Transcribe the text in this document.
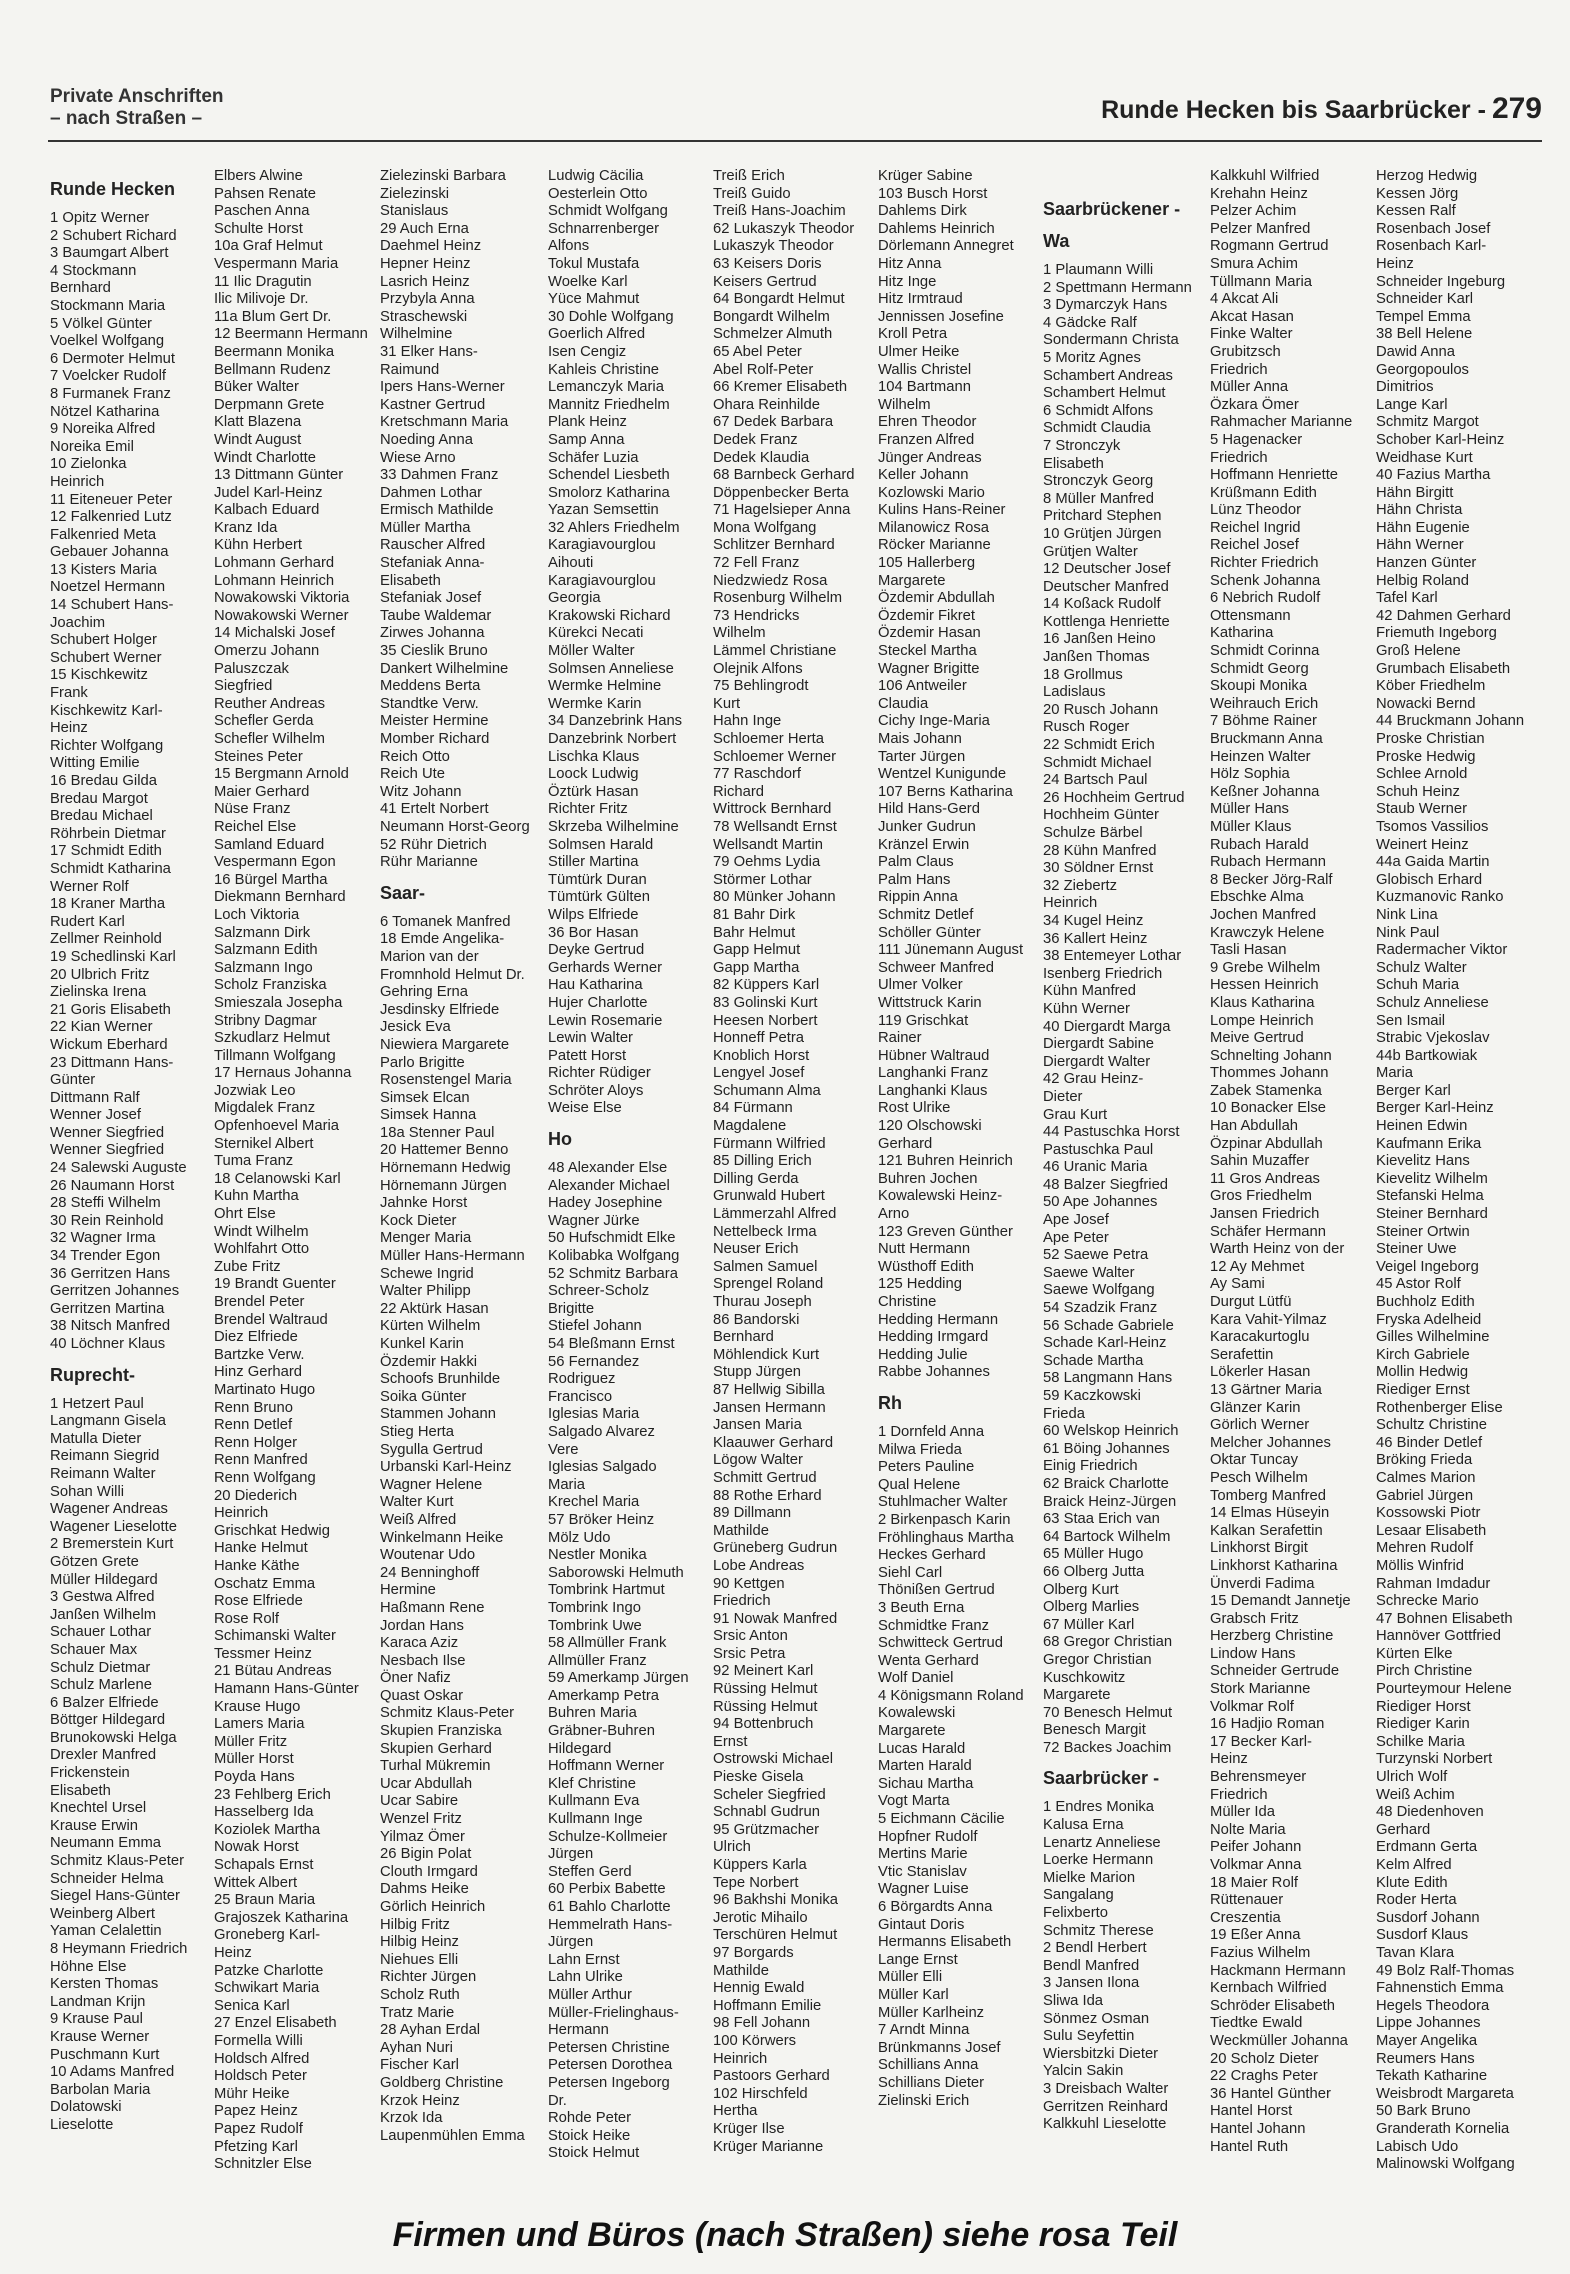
Private Anschriften
– nach Straßen –	Runde Hecken bis Saarbrücker - 279
Runde Hecken
1 Opitz Werner
2 Schubert Richard
3 Baumgart Albert
4 Stockmann
Bernhard
Stockmann Maria
5 Völkel Günter
Voelkel Wolfgang
6 Dermoter Helmut
7 Voelcker Rudolf
8 Furmanek Franz
Nötzel Katharina
9 Noreika Alfred
Noreika Emil
10 Zielonka
Heinrich
11 Eiteneuer Peter
12 Falkenried Lutz
Falkenried Meta
Gebauer Johanna
13 Kisters Maria
Noetzel Hermann
14 Schubert Hans-
Joachim
Schubert Holger
Schubert Werner
15 Kischkewitz
Frank
Kischkewitz Karl-
Heinz
Richter Wolfgang
Witting Emilie
16 Bredau Gilda
Bredau Margot
Bredau Michael
Röhrbein Dietmar
17 Schmidt Edith
Schmidt Katharina
Werner Rolf
18 Kraner Martha
Rudert Karl
Zellmer Reinhold
19 Schedlinski Karl
20 Ulbrich Fritz
Zielinska Irena
21 Goris Elisabeth
22 Kian Werner
Wickum Eberhard
23 Dittmann Hans-
Günter
Dittmann Ralf
Wenner Josef
Wenner Siegfried
Wenner Siegfried
24 Salewski Auguste
26 Naumann Horst
28 Steffi Wilhelm
30 Rein Reinhold
32 Wagner Irma
34 Trender Egon
36 Gerritzen Hans
Gerritzen Johannes
Gerritzen Martina
38 Nitsch Manfred
40 Löchner Klaus
Ruprecht-
1 Hetzert Paul
Langmann Gisela
Matulla Dieter
Reimann Siegrid
Reimann Walter
Sohan Willi
Wagener Andreas
Wagener Lieselotte
2 Bremerstein Kurt
Götzen Grete
Müller Hildegard
3 Gestwa Alfred
Janßen Wilhelm
Schauer Lothar
Schauer Max
Schulz Dietmar
Schulz Marlene
6 Balzer Elfriede
Böttger Hildegard
Brunokowski Helga
Drexler Manfred
Frickenstein
Elisabeth
Knechtel Ursel
Krause Erwin
Neumann Emma
Schmitz Klaus-Peter
Schneider Helma
Siegel Hans-Günter
Weinberg Albert
Yaman Celalettin
8 Heymann Friedrich
Höhne Else
Kersten Thomas
Landman Krijn
9 Krause Paul
Krause Werner
Puschmann Kurt
10 Adams Manfred
Barbolan Maria
Dolatowski
Lieselotte
Elbers Alwine
Pahsen Renate
Paschen Anna
Schulte Horst
10a Graf Helmut
Vespermann Maria
11 Ilic Dragutin
Ilic Milivoje Dr.
11a Blum Gert Dr.
12 Beermann Hermann
Beermann Monika
Bellmann Rudenz
Büker Walter
Derpmann Grete
Klatt Blazena
Windt August
Windt Charlotte
13 Dittmann Günter
Judel Karl-Heinz
Kalbach Eduard
Kranz Ida
Kühn Herbert
Lohmann Gerhard
Lohmann Heinrich
Nowakowski Viktoria
Nowakowski Werner
14 Michalski Josef
Omerzu Johann
Paluszczak
Siegfried
Reuther Andreas
Schefler Gerda
Schefler Wilhelm
Steines Peter
15 Bergmann Arnold
Maier Gerhard
Nüse Franz
Reichel Else
Samland Eduard
Vespermann Egon
16 Bürgel Martha
Diekmann Bernhard
Loch Viktoria
Salzmann Dirk
Salzmann Edith
Salzmann Ingo
Scholz Franziska
Smieszala Josepha
Stribny Dagmar
Szkudlarz Helmut
Tillmann Wolfgang
17 Hernaus Johanna
Jozwiak Leo
Migdalek Franz
Opfenhoevel Maria
Sternikel Albert
Tuma Franz
18 Celanowski Karl
Kuhn Martha
Ohrt Else
Windt Wilhelm
Wohlfahrt Otto
Zube Fritz
19 Brandt Guenter
Brendel Peter
Brendel Waltraud
Diez Elfriede
Bartzke Verw.
Hinz Gerhard
Martinato Hugo
Renn Bruno
Renn Detlef
Renn Holger
Renn Manfred
Renn Wolfgang
20 Diederich
Heinrich
Grischkat Hedwig
Hanke Helmut
Hanke Käthe
Oschatz Emma
Rose Elfriede
Rose Rolf
Schimanski Walter
Tessmer Heinz
21 Bütau Andreas
Hamann Hans-Günter
Krause Hugo
Lamers Maria
Müller Fritz
Müller Horst
Poyda Hans
23 Fehlberg Erich
Hasselberg Ida
Koziolek Martha
Nowak Horst
Schapals Ernst
Wittek Albert
25 Braun Maria
Grajoszek Katharina
Groneberg Karl-
Heinz
Patzke Charlotte
Schwikart Maria
Senica Karl
27 Enzel Elisabeth
Formella Willi
Holdsch Alfred
Holdsch Peter
Mühr Heike
Papez Heinz
Papez Rudolf
Pfetzing Karl
Schnitzler Else
Zielezinski Barbara
Zielezinski
Stanislaus
29 Auch Erna
Daehmel Heinz
Hepner Heinz
Lasrich Heinz
Przybyla Anna
Straschewski
Wilhelmine
31 Elker Hans-
Raimund
Ipers Hans-Werner
Kastner Gertrud
Kretschmann Maria
Noeding Anna
Wiese Arno
33 Dahmen Franz
Dahmen Lothar
Ermisch Mathilde
Müller Martha
Rauscher Alfred
Stefaniak Anna-
Elisabeth
Stefaniak Josef
Taube Waldemar
Zirwes Johanna
35 Cieslik Bruno
Dankert Wilhelmine
Meddens Berta
Standtke Verw.
Meister Hermine
Momber Richard
Reich Otto
Reich Ute
Witz Johann
41 Ertelt Norbert
Neumann Horst-Georg
52 Rühr Dietrich
Rühr Marianne
Saar-
6 Tomanek Manfred
18 Emde Angelika-
Marion van der
Fromnhold Helmut Dr.
Gehring Erna
Jesdinsky Elfriede
Jesick Eva
Niewiera Margarete
Parlo Brigitte
Rosenstengel Maria
Simsek Elcan
Simsek Hanna
18a Stenner Paul
20 Hattemer Benno
Hörnemann Hedwig
Hörnemann Jürgen
Jahnke Horst
Kock Dieter
Menger Maria
Müller Hans-Hermann
Schewe Ingrid
Walter Philipp
22 Aktürk Hasan
Kürten Wilhelm
Kunkel Karin
Özdemir Hakki
Schoofs Brunhilde
Soika Günter
Stammen Johann
Stieg Herta
Sygulla Gertrud
Urbanski Karl-Heinz
Wagner Helene
Walter Kurt
Weiß Alfred
Winkelmann Heike
Woutenar Udo
24 Benninghoff
Hermine
Haßmann Rene
Jordan Hans
Karaca Aziz
Nesbach Ilse
Öner Nafiz
Quast Oskar
Schmitz Klaus-Peter
Skupien Franziska
Skupien Gerhard
Turhal Mükremin
Ucar Abdullah
Ucar Sabire
Wenzel Fritz
Yilmaz Ömer
26 Bigin Polat
Clouth Irmgard
Dahms Heike
Görlich Heinrich
Hilbig Fritz
Hilbig Heinz
Niehues Elli
Richter Jürgen
Scholz Ruth
Tratz Marie
28 Ayhan Erdal
Ayhan Nuri
Fischer Karl
Goldberg Christine
Krzok Heinz
Krzok Ida
Laupenmühlen Emma
Ludwig Cäcilia
Oesterlein Otto
Schmidt Wolfgang
Schnarrenberger
Alfons
Tokul Mustafa
Woelke Karl
Yüce Mahmut
30 Dohle Wolfgang
Goerlich Alfred
Isen Cengiz
Kahleis Christine
Lemanczyk Maria
Mannitz Friedhelm
Plank Heinz
Samp Anna
Schäfer Luzia
Schendel Liesbeth
Smolorz Katharina
Yazan Semsettin
32 Ahlers Friedhelm
Karagiavourglou
Aihouti
Karagiavourglou
Georgia
Krakowski Richard
Kürekci Necati
Möller Walter
Solmsen Anneliese
Wermke Helmine
Wermke Karin
34 Danzebrink Hans
Danzebrink Norbert
Lischka Klaus
Loock Ludwig
Öztürk Hasan
Richter Fritz
Skrzeba Wilhelmine
Solmsen Harald
Stiller Martina
Tümtürk Duran
Tümtürk Gülten
Wilps Elfriede
36 Bor Hasan
Deyke Gertrud
Gerhards Werner
Hau Katharina
Hujer Charlotte
Lewin Rosemarie
Lewin Walter
Patett Horst
Richter Rüdiger
Schröter Aloys
Weise Else
Ho
48 Alexander Else
Alexander Michael
Hadey Josephine
Wagner Jürke
50 Hufschmidt Elke
Kolibabka Wolfgang
52 Schmitz Barbara
Schreer-Scholz
Brigitte
Stiefel Johann
54 Bleßmann Ernst
56 Fernandez
Rodriguez
Francisco
Iglesias Maria
Salgado Alvarez
Vere
Iglesias Salgado
Maria
Krechel Maria
57 Bröker Heinz
Mölz Udo
Nestler Monika
Saborowski Helmuth
Tombrink Hartmut
Tombrink Ingo
Tombrink Uwe
58 Allmüller Frank
Allmüller Franz
59 Amerkamp Jürgen
Amerkamp Petra
Buhren Maria
Gräbner-Buhren
Hildegard
Hoffmann Werner
Klef Christine
Kullmann Eva
Kullmann Inge
Schulze-Kollmeier
Jürgen
Steffen Gerd
60 Perbix Babette
61 Bahlo Charlotte
Hemmelrath Hans-
Jürgen
Lahn Ernst
Lahn Ulrike
Müller Arthur
Müller-Frielinghaus-
Hermann
Petersen Christine
Petersen Dorothea
Petersen Ingeborg
Dr.
Rohde Peter
Stoick Heike
Stoick Helmut
Treiß Erich
Treiß Guido
Treiß Hans-Joachim
62 Lukaszyk Theodor
Lukaszyk Theodor
63 Keisers Doris
Keisers Gertrud
64 Bongardt Helmut
Bongardt Wilhelm
Schmelzer Almuth
65 Abel Peter
Abel Rolf-Peter
66 Kremer Elisabeth
Ohara Reinhilde
67 Dedek Barbara
Dedek Franz
Dedek Klaudia
68 Barnbeck Gerhard
Döppenbecker Berta
71 Hagelsieper Anna
Mona Wolfgang
Schlitzer Bernhard
72 Fell Franz
Niedzwiedz Rosa
Rosenburg Wilhelm
73 Hendricks
Wilhelm
Lämmel Christiane
Olejnik Alfons
75 Behlingrodt
Kurt
Hahn Inge
Schloemer Herta
Schloemer Werner
77 Raschdorf
Richard
Wittrock Bernhard
78 Wellsandt Ernst
Wellsandt Martin
79 Oehms Lydia
Störmer Lothar
80 Münker Johann
81 Bahr Dirk
Bahr Helmut
Gapp Helmut
Gapp Martha
82 Küppers Karl
83 Golinski Kurt
Heesen Norbert
Honneff Petra
Knoblich Horst
Lengyel Josef
Schumann Alma
84 Fürmann
Magdalene
Fürmann Wilfried
85 Dilling Erich
Dilling Gerda
Grunwald Hubert
Lämmerzahl Alfred
Nettelbeck Irma
Neuser Erich
Salmen Samuel
Sprengel Roland
Thurau Joseph
86 Bandorski
Bernhard
Möhlendick Kurt
Stupp Jürgen
87 Hellwig Sibilla
Jansen Hermann
Jansen Maria
Klaauwer Gerhard
Lögow Walter
Schmitt Gertrud
88 Rothe Erhard
89 Dillmann
Mathilde
Grüneberg Gudrun
Lobe Andreas
90 Kettgen
Friedrich
91 Nowak Manfred
Srsic Anton
Srsic Petra
92 Meinert Karl
Rüssing Helmut
Rüssing Helmut
94 Bottenbruch
Ernst
Ostrowski Michael
Pieske Gisela
Scheler Siegfried
Schnabl Gudrun
95 Grützmacher
Ulrich
Küppers Karla
Tepe Norbert
96 Bakhshi Monika
Jerotic Mihailo
Terschüren Helmut
97 Borgards
Mathilde
Hennig Ewald
Hoffmann Emilie
98 Fell Johann
100 Körwers
Heinrich
Pastoors Gerhard
102 Hirschfeld
Hertha
Krüger Ilse
Krüger Marianne
Krüger Sabine
103 Busch Horst
Dahlems Dirk
Dahlems Heinrich
Dörlemann Annegret
Hitz Anna
Hitz Inge
Hitz Irmtraud
Jennissen Josefine
Kroll Petra
Ulmer Heike
Wallis Christel
104 Bartmann
Wilhelm
Ehren Theodor
Franzen Alfred
Jünger Andreas
Keller Johann
Kozlowski Mario
Kulins Hans-Reiner
Milanowicz Rosa
Röcker Marianne
105 Hallerberg
Margarete
Özdemir Abdullah
Özdemir Fikret
Özdemir Hasan
Steckel Martha
Wagner Brigitte
106 Antweiler
Claudia
Cichy Inge-Maria
Mais Johann
Tarter Jürgen
Wentzel Kunigunde
107 Berns Katharina
Hild Hans-Gerd
Junker Gudrun
Kränzel Erwin
Palm Claus
Palm Hans
Rippin Anna
Schmitz Detlef
Schöller Günter
111 Jünemann August
Schweer Manfred
Ulmer Volker
Wittstruck Karin
119 Grischkat
Rainer
Hübner Waltraud
Langhanki Franz
Langhanki Klaus
Rost Ulrike
120 Olschowski
Gerhard
121 Buhren Heinrich
Buhren Jochen
Kowalewski Heinz-
Arno
123 Greven Günther
Nutt Hermann
Wüsthoff Edith
125 Hedding
Christine
Hedding Hermann
Hedding Irmgard
Hedding Julie
Rabbe Johannes
Rh
1 Dornfeld Anna
Milwa Frieda
Peters Pauline
Qual Helene
Stuhlmacher Walter
2 Birkenpasch Karin
Fröhlinghaus Martha
Heckes Gerhard
Siehl Carl
Thönißen Gertrud
3 Beuth Erna
Schmidtke Franz
Schwitteck Gertrud
Wenta Gerhard
Wolf Daniel
4 Königsmann Roland
Kowalewski
Margarete
Lucas Harald
Marten Harald
Sichau Martha
Vogt Marta
5 Eichmann Cäcilie
Hopfner Rudolf
Mertins Marie
Vtic Stanislav
Wagner Luise
6 Börgardts Anna
Gintaut Doris
Hermanns Elisabeth
Lange Ernst
Müller Elli
Müller Karl
Müller Karlheinz
7 Arndt Minna
Brünkmanns Josef
Schillians Anna
Schillians Dieter
Zielinski Erich
Saarbrückener -
Wa
1 Plaumann Willi
2 Spettmann Hermann
3 Dymarczyk Hans
4 Gädcke Ralf
Sondermann Christa
5 Moritz Agnes
Schambert Andreas
Schambert Helmut
6 Schmidt Alfons
Schmidt Claudia
7 Stronczyk
Elisabeth
Stronczyk Georg
8 Müller Manfred
Pritchard Stephen
10 Grütjen Jürgen
Grütjen Walter
12 Deutscher Josef
Deutscher Manfred
14 Koßack Rudolf
Kottlenga Henriette
16 Janßen Heino
Janßen Thomas
18 Grollmus
Ladislaus
20 Rusch Johann
Rusch Roger
22 Schmidt Erich
Schmidt Michael
24 Bartsch Paul
26 Hochheim Gertrud
Hochheim Günter
Schulze Bärbel
28 Kühn Manfred
30 Söldner Ernst
32 Ziebertz
Heinrich
34 Kugel Heinz
36 Kallert Heinz
38 Entemeyer Lothar
Isenberg Friedrich
Kühn Manfred
Kühn Werner
40 Diergardt Marga
Diergardt Sabine
Diergardt Walter
42 Grau Heinz-
Dieter
Grau Kurt
44 Pastuschka Horst
Pastuschka Paul
46 Uranic Maria
48 Balzer Siegfried
50 Ape Johannes
Ape Josef
Ape Peter
52 Saewe Petra
Saewe Walter
Saewe Wolfgang
54 Szadzik Franz
56 Schade Gabriele
Schade Karl-Heinz
Schade Martha
58 Langmann Hans
59 Kaczkowski
Frieda
60 Welskop Heinrich
61 Böing Johannes
Einig Friedrich
62 Braick Charlotte
Braick Heinz-Jürgen
63 Staa Erich van
64 Bartock Wilhelm
65 Müller Hugo
66 Olberg Jutta
Olberg Kurt
Olberg Marlies
67 Müller Karl
68 Gregor Christian
Gregor Christian
Kuschkowitz
Margarete
70 Benesch Helmut
Benesch Margit
72 Backes Joachim
Saarbrücker -
1 Endres Monika
Kalusa Erna
Lenartz Anneliese
Loerke Hermann
Mielke Marion
Sangalang
Felixberto
Schmitz Therese
2 Bendl Herbert
Bendl Manfred
3 Jansen Ilona
Sliwa Ida
Sönmez Osman
Sulu Seyfettin
Wiersbitzki Dieter
Yalcin Sakin
3 Dreisbach Walter
Gerritzen Reinhard
Kalkkuhl Lieselotte
Kalkkuhl Wilfried
Krehahn Heinz
Pelzer Achim
Pelzer Manfred
Rogmann Gertrud
Smura Achim
Tüllmann Maria
4 Akcat Ali
Akcat Hasan
Finke Walter
Grubitzsch
Friedrich
Müller Anna
Özkara Ömer
Rahmacher Marianne
5 Hagenacker
Friedrich
Hoffmann Henriette
Krüßmann Edith
Lünz Theodor
Reichel Ingrid
Reichel Josef
Richter Friedrich
Schenk Johanna
6 Nebrich Rudolf
Ottensmann
Katharina
Schmidt Corinna
Schmidt Georg
Skoupi Monika
Weihrauch Erich
7 Böhme Rainer
Bruckmann Anna
Heinzen Walter
Hölz Sophia
Keßner Johanna
Müller Hans
Müller Klaus
Rubach Harald
Rubach Hermann
8 Becker Jörg-Ralf
Ebschke Alma
Jochen Manfred
Krawczyk Helene
Tasli Hasan
9 Grebe Wilhelm
Hessen Heinrich
Klaus Katharina
Lompe Heinrich
Meive Gertrud
Schnelting Johann
Thommes Johann
Zabek Stamenka
10 Bonacker Else
Han Abdullah
Özpinar Abdullah
Sahin Muzaffer
11 Gros Andreas
Gros Friedhelm
Jansen Friedrich
Schäfer Hermann
Warth Heinz von der
12 Ay Mehmet
Ay Sami
Durgut Lütfü
Kara Vahit-Yilmaz
Karacakurtoglu
Serafettin
Lökerler Hasan
13 Gärtner Maria
Glänzer Karin
Görlich Werner
Melcher Johannes
Oktar Tuncay
Pesch Wilhelm
Tomberg Manfred
14 Elmas Hüseyin
Kalkan Serafettin
Linkhorst Birgit
Linkhorst Katharina
Ünverdi Fadima
15 Demandt Jannetje
Grabsch Fritz
Herzberg Christine
Lindow Hans
Schneider Gertrude
Stork Marianne
Volkmar Rolf
16 Hadjio Roman
17 Becker Karl-
Heinz
Behrensmeyer
Friedrich
Müller Ida
Nolte Maria
Peifer Johann
Volkmar Anna
18 Maier Rolf
Rüttenauer
Creszentia
19 Eßer Anna
Fazius Wilhelm
Hackmann Hermann
Kernbach Wilfried
Schröder Elisabeth
Tiedtke Ewald
Weckmüller Johanna
20 Scholz Dieter
22 Craghs Peter
36 Hantel Günther
Hantel Horst
Hantel Johann
Hantel Ruth
Herzog Hedwig
Kessen Jörg
Kessen Ralf
Rosenbach Josef
Rosenbach Karl-
Heinz
Schneider Ingeburg
Schneider Karl
Tempel Emma
38 Bell Helene
Dawid Anna
Georgopoulos
Dimitrios
Lange Karl
Schmitz Margot
Schober Karl-Heinz
Weidhase Kurt
40 Fazius Martha
Hähn Birgitt
Hähn Christa
Hähn Eugenie
Hähn Werner
Hanzen Günter
Helbig Roland
Tafel Karl
42 Dahmen Gerhard
Friemuth Ingeborg
Groß Helene
Grumbach Elisabeth
Köber Friedhelm
Nowacki Bernd
44 Bruckmann Johann
Proske Christian
Proske Hedwig
Schlee Arnold
Schuh Heinz
Staub Werner
Tsomos Vassilios
Weinert Heinz
44a Gaida Martin
Globisch Erhard
Kuzmanovic Ranko
Nink Lina
Nink Paul
Radermacher Viktor
Schulz Walter
Schuh Maria
Schulz Anneliese
Sen Ismail
Strabic Vjekoslav
44b Bartkowiak
Maria
Berger Karl
Berger Karl-Heinz
Heinen Edwin
Kaufmann Erika
Kievelitz Hans
Kievelitz Wilhelm
Stefanski Helma
Steiner Bernhard
Steiner Ortwin
Steiner Uwe
Veigel Ingeborg
45 Astor Rolf
Buchholz Edith
Fryska Adelheid
Gilles Wilhelmine
Kirch Gabriele
Mollin Hedwig
Riediger Ernst
Rothenberger Elise
Schultz Christine
46 Binder Detlef
Bröking Frieda
Calmes Marion
Gabriel Jürgen
Kossowski Piotr
Lesaar Elisabeth
Mehren Rudolf
Möllis Winfrid
Rahman Imdadur
Schrecke Mario
47 Bohnen Elisabeth
Hannöver Gottfried
Kürten Elke
Pirch Christine
Pourteymour Helene
Riediger Horst
Riediger Karin
Schilke Maria
Turzynski Norbert
Ulrich Wolf
Weiß Achim
48 Diedenhoven
Gerhard
Erdmann Gerta
Kelm Alfred
Klute Edith
Roder Herta
Susdorf Johann
Susdorf Klaus
Tavan Klara
49 Bolz Ralf-Thomas
Fahnenstich Emma
Hegels Theodora
Lippe Johannes
Mayer Angelika
Reumers Hans
Tekath Katharine
Weisbrodt Margareta
50 Bark Bruno
Granderath Kornelia
Labisch Udo
Malinowski Wolfgang
Firmen und Büros (nach Straßen) siehe rosa Teil
